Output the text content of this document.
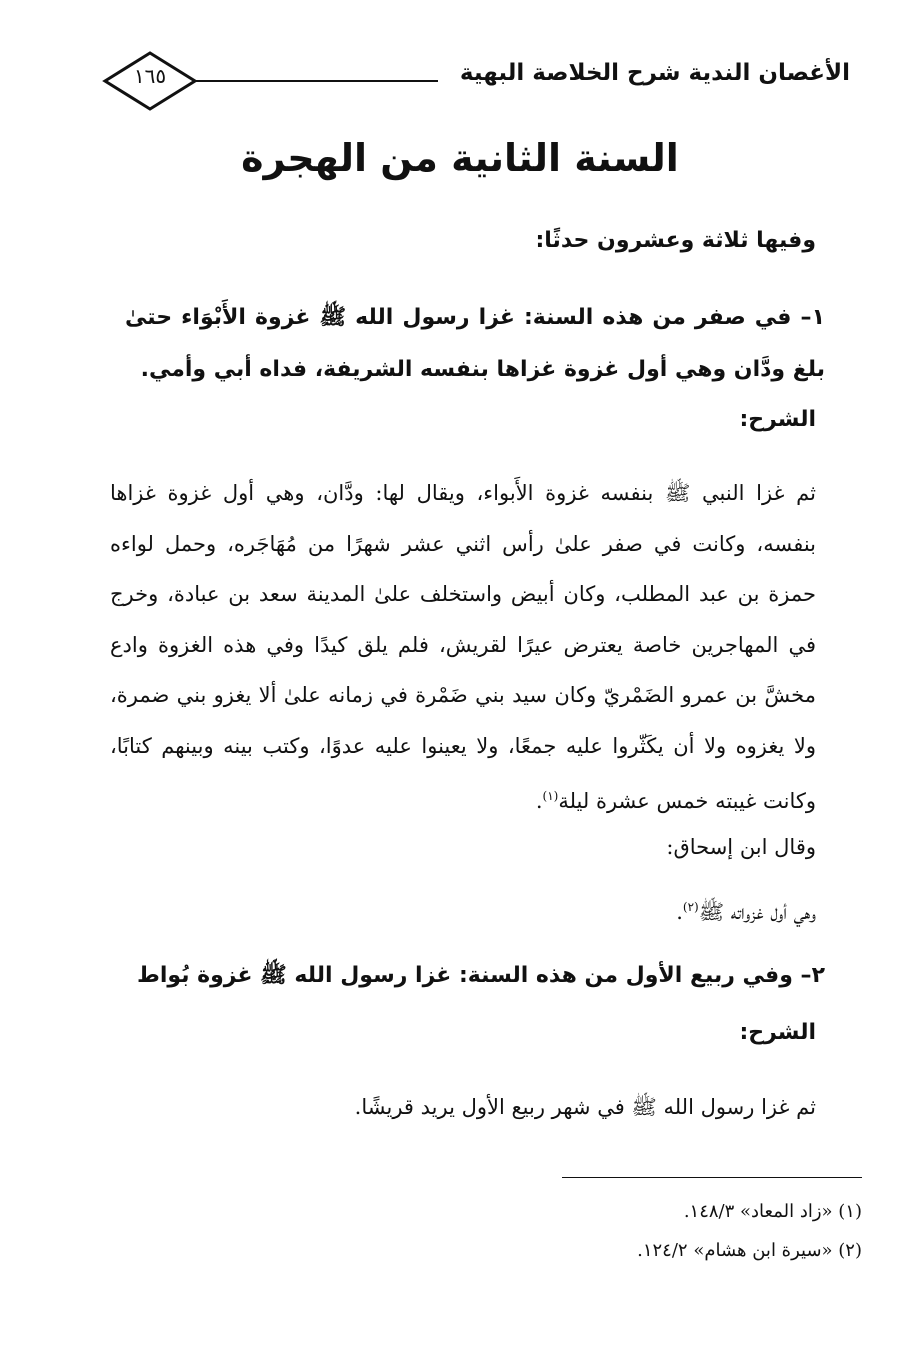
الأغصان الندية شرح الخلاصة البهية
١٦٥
السنة الثانية من الهجرة

وفيها ثلاثة وعشرون حدثًا:

١– في صفر من هذه السنة: غزا رسول الله ﷺ غزوة الأَبْوَاء حتىٰ بلغ ودَّان وهي أول غزوة غزاها بنفسه الشريفة، فداه أبي وأمي.

الشرح:

ثم غزا النبي ﷺ بنفسه غزوة الأَبواء، ويقال لها: ودَّان، وهي أول غزوة غزاها بنفسه، وكانت في صفر علىٰ رأس اثني عشر شهرًا من مُهَاجَره، وحمل لواءه حمزة بن عبد المطلب، وكان أبيض واستخلف علىٰ المدينة سعد بن عبادة، وخرج في المهاجرين خاصة يعترض عيرًا لقريش، فلم يلق كيدًا وفي هذه الغزوة وادع مخشَّ بن عمرو الضَمْريّ وكان سيد بني ضَمْرة في زمانه علىٰ ألا يغزو بني ضمرة، ولا يغزوه ولا أن يكَثّروا عليه جمعًا، ولا يعينوا عليه عدوًا، وكتب بينه وبينهم كتابًا، وكانت غيبته خمس عشرة ليلة$^{(١)}$.

وقال ابن إسحاق:

وهي أول غزواته ﷺ$^{(٢)}$.

٢– وفي ربيع الأول من هذه السنة: غزا رسول الله ﷺ غزوة بُواط

الشرح:

ثم غزا رسول الله ﷺ في شهر ربيع الأول يريد قريشًا.

(١) «زاد المعاد» ١٤٨/٣.

(٢) «سيرة ابن هشام» ١٢٤/٢.
